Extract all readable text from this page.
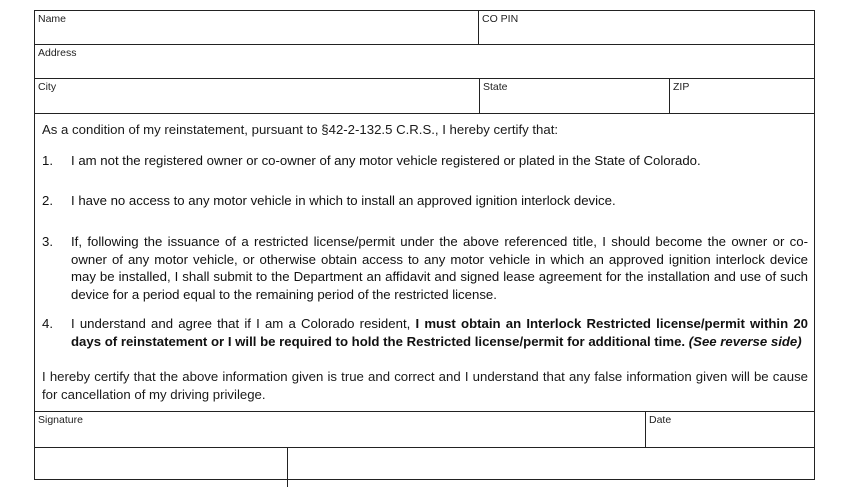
Name	CO PIN
Address
City	State	ZIP
As a condition of my reinstatement, pursuant to §42-2-132.5 C.R.S., I hereby certify that:
1.	I am not the registered owner or co-owner of any motor vehicle registered or plated in the State of Colorado.
2.	I have no access to any motor vehicle in which to install an approved ignition interlock device.
3.	If, following the issuance of a restricted license/permit under the above referenced title, I should become the owner or co-owner of any motor vehicle, or otherwise obtain access to any motor vehicle in which an approved ignition interlock device may be installed, I shall submit to the Department an affidavit and signed lease agreement for the installation and use of such device for a period equal to the remaining period of the restricted license.
4.	I understand and agree that if I am a Colorado resident, I must obtain an Interlock Restricted license/permit within 20 days of reinstatement or I will be required to hold the Restricted license/permit for additional time. (See reverse side)
I hereby certify that the above information given is true and correct and I understand that any false information given will be cause for cancellation of my driving privilege.
Signature	Date
